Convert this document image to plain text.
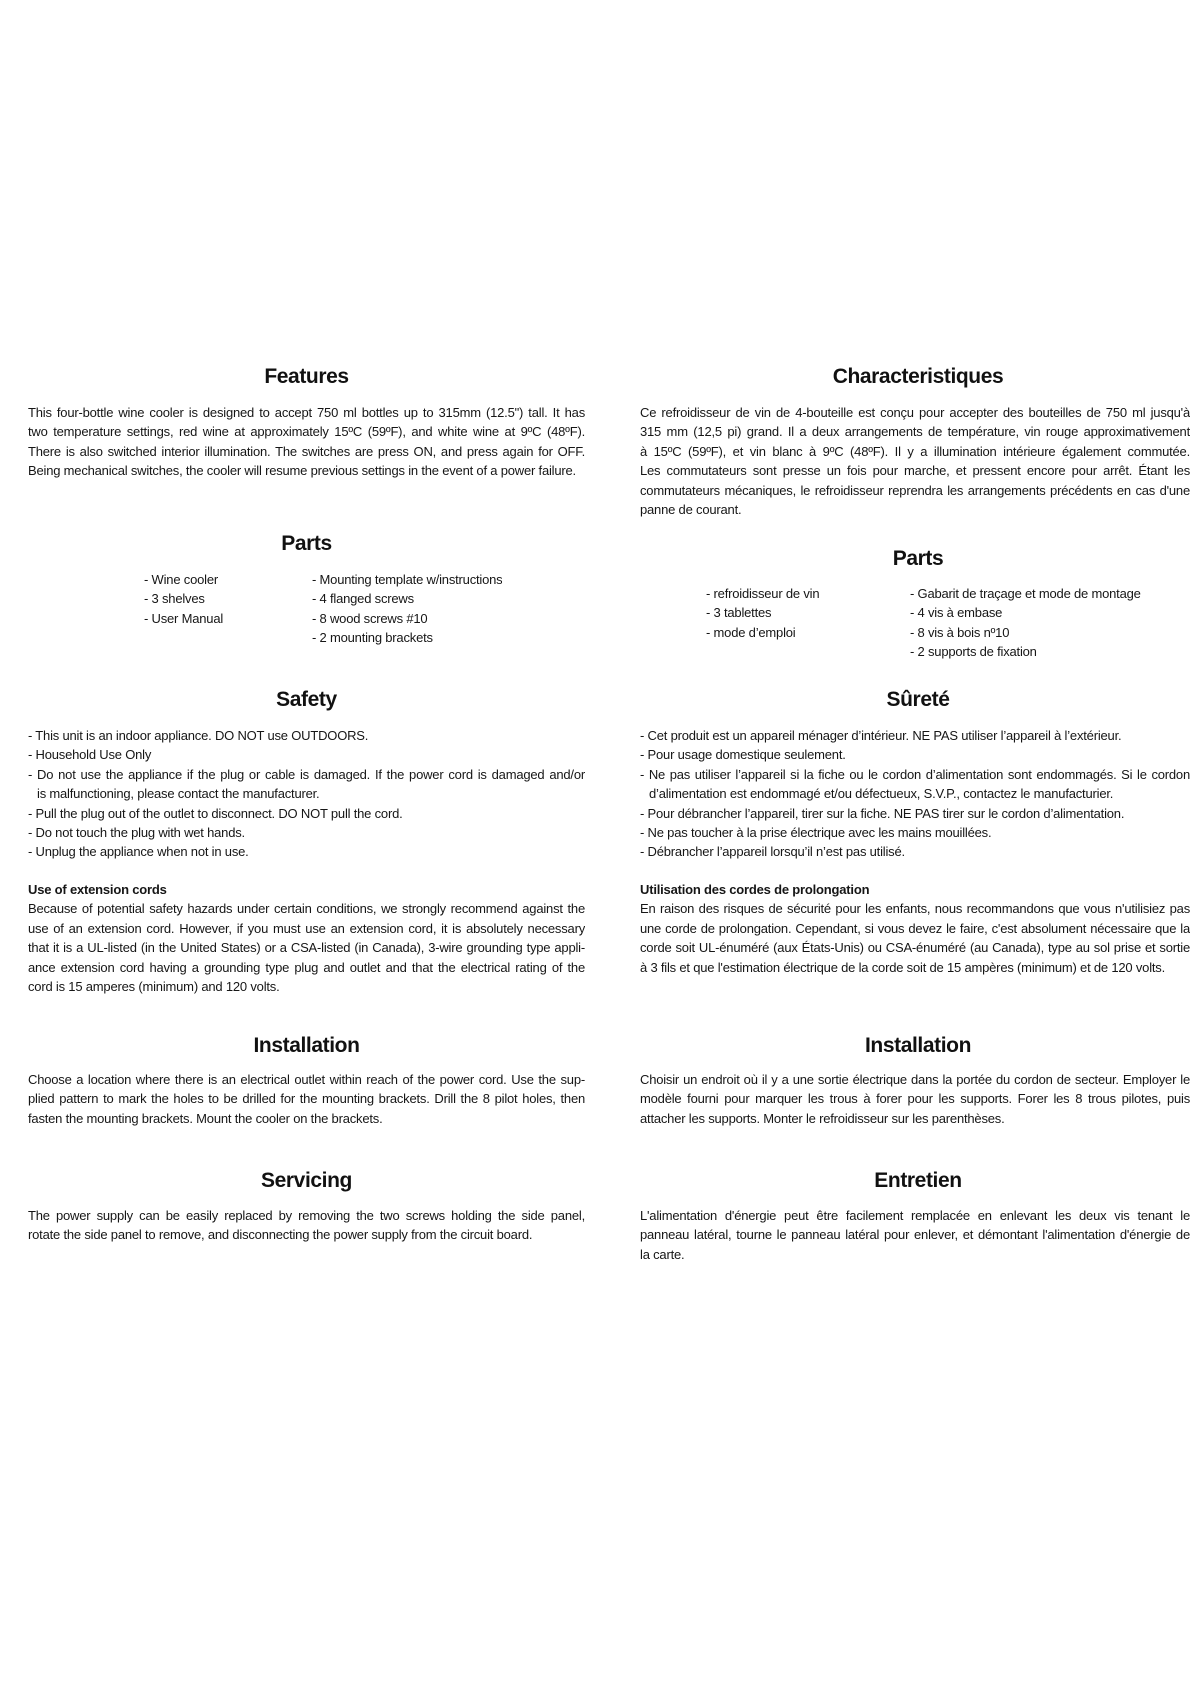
Features
This four-bottle wine cooler is designed to accept 750 ml bottles up to 315mm (12.5") tall. It has
two temperature settings, red wine at approximately 15ºC (59ºF), and white wine at 9ºC (48ºF).
There is also switched interior illumination. The switches are press ON, and press again for OFF.
Being mechanical switches, the cooler will resume previous settings in the event of a power failure.
Parts
- Wine cooler
- 3 shelves
- User Manual
- Mounting template w/instructions
- 4 flanged screws
- 8 wood screws #10
- 2 mounting brackets
Safety
- This unit is an indoor appliance. DO NOT use OUTDOORS.
- Household Use Only
- Do not use the appliance if the plug or cable is damaged. If the power cord is damaged and/or
is malfunctioning, please contact the manufacturer.
- Pull the plug out of the outlet to disconnect. DO NOT pull the cord.
- Do not touch the plug with wet hands.
- Unplug the appliance when not in use.
Use of extension cords
Because of potential safety hazards under certain conditions, we strongly recommend against the
use of an extension cord. However, if you must use an extension cord, it is absolutely necessary
that it is a UL-listed (in the United States) or a CSA-listed (in Canada), 3-wire grounding type appli-
ance extension cord having a grounding type plug and outlet and that the electrical rating of the
cord is 15 amperes (minimum) and 120 volts.
Installation
Choose a location where there is an electrical outlet within reach of the power cord. Use the sup-
plied pattern to mark the holes to be drilled for the mounting brackets. Drill the 8 pilot holes, then
fasten the mounting brackets. Mount the cooler on the brackets.
Servicing
The power supply can be easily replaced by removing the two screws holding the side panel,
rotate the side panel to remove, and disconnecting the power supply from the circuit board.
Characteristiques
Ce refroidisseur de vin de 4-bouteille est conçu pour accepter des bouteilles de 750 ml jusqu'à
315 mm (12,5 pi) grand. Il a deux arrangements de température, vin rouge approximativement
à 15ºC (59ºF), et vin blanc à 9ºC (48ºF). Il y a illumination intérieure également commutée.
Les commutateurs sont presse un fois pour marche, et pressent encore pour arrêt. Étant les
commutateurs mécaniques, le refroidisseur reprendra les arrangements précédents en cas d'une
panne de courant.
Parts
- refroidisseur de vin
- 3 tablettes
- mode d’emploi
- Gabarit de traçage et mode de montage
- 4 vis à embase
- 8 vis à bois nº10
- 2 supports de fixation
Sûreté
- Cet produit est un appareil ménager d’intérieur. NE PAS utiliser l’appareil à l’extérieur.
- Pour usage domestique seulement.
- Ne pas utiliser l’appareil si la fiche ou le cordon d’alimentation sont endommagés. Si le cordon
d’alimentation est endommagé et/ou défectueux, S.V.P., contactez le manufacturier.
- Pour débrancher l’appareil, tirer sur la fiche. NE PAS tirer sur le cordon d’alimentation.
- Ne pas toucher à la prise électrique avec les mains mouillées.
- Débrancher l’appareil lorsqu’il n’est pas utilisé.
Utilisation des cordes de prolongation
En raison des risques de sécurité pour les enfants, nous recommandons que vous n'utilisiez pas
une corde de prolongation. Cependant, si vous devez le faire, c'est absolument nécessaire que la
corde soit UL-énuméré (aux États-Unis) ou CSA-énuméré (au Canada), type au sol prise et sortie
à 3 fils et que l'estimation électrique de la corde soit de 15 ampères (minimum) et de 120 volts.
Installation
Choisir un endroit où il y a une sortie électrique dans la portée du cordon de secteur. Employer le
modèle fourni pour marquer les trous à forer pour les supports. Forer les 8 trous pilotes, puis
attacher les supports. Monter le refroidisseur sur les parenthèses.
Entretien
L'alimentation d'énergie peut être facilement remplacée en enlevant les deux vis tenant le
panneau latéral, tourne le panneau latéral pour enlever, et démontant l'alimentation d'énergie de
la carte.
